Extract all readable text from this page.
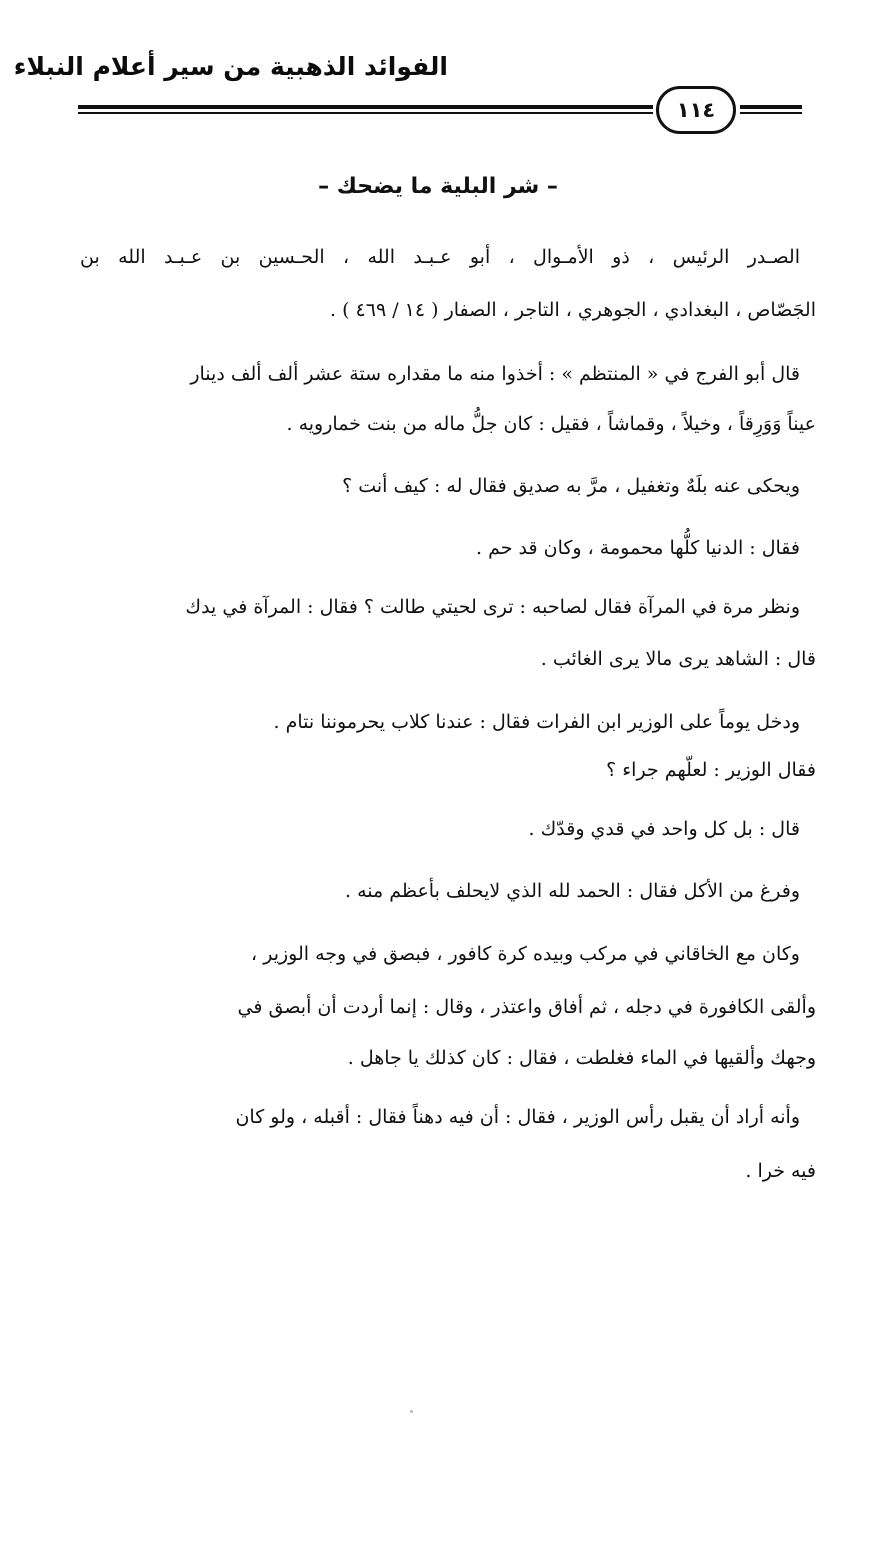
الفوائد الذهبية من سير أعلام النبلاء
١١٤
– شر البلية ما يضحك –
الصـدر الرئيس ، ذو الأمـوال ، أبو عـبـد الله ، الحـسين بن عـبـد الله بن
الجَصّاص ، البغدادي ، الجوهري ، التاجر ، الصفار ( ١٤ / ٤٦٩ ) .
قال أبو الفرج في « المنتظم » : أخذوا منه ما مقداره ستة عشر ألف ألف دينار
عيناً وَوَرِقاً ، وخيلاً ، وقماشاً ، فقيل : كان جلُّ ماله من بنت خمارويه .
ويحكى عنه بلَهٌ وتغفيل ، مرَّ به صديق فقال له : كيف أنت ؟
فقال : الدنيا كلُّها محمومة ، وكان قد حم .
ونظر مرة في المرآة فقال لصاحبه : ترى لحيتي طالت ؟ فقال : المرآة في يدك
قال : الشاهد يرى مالا يرى الغائب .
ودخل يوماً على الوزير ابن الفرات فقال : عندنا كلاب يحرموننا نتام .
فقال الوزير : لعلّهم جراء ؟
قال : بل كل واحد في قدي وقدّك .
وفرغ من الأكل فقال : الحمد لله الذي لايحلف بأعظم منه .
وكان مع الخاقاني في مركب وبيده كرة كافور ، فبصق في وجه الوزير ،
وألقى الكافورة في دجله ، ثم أفاق واعتذر ، وقال : إنما أردت أن أبصق في
وجهك وألقيها في الماء فغلطت ، فقال : كان كذلك يا جاهل .
وأنه أراد أن يقبل رأس الوزير ، فقال : أن فيه دهناً فقال : أقبله ، ولو كان
فيه خرا .
